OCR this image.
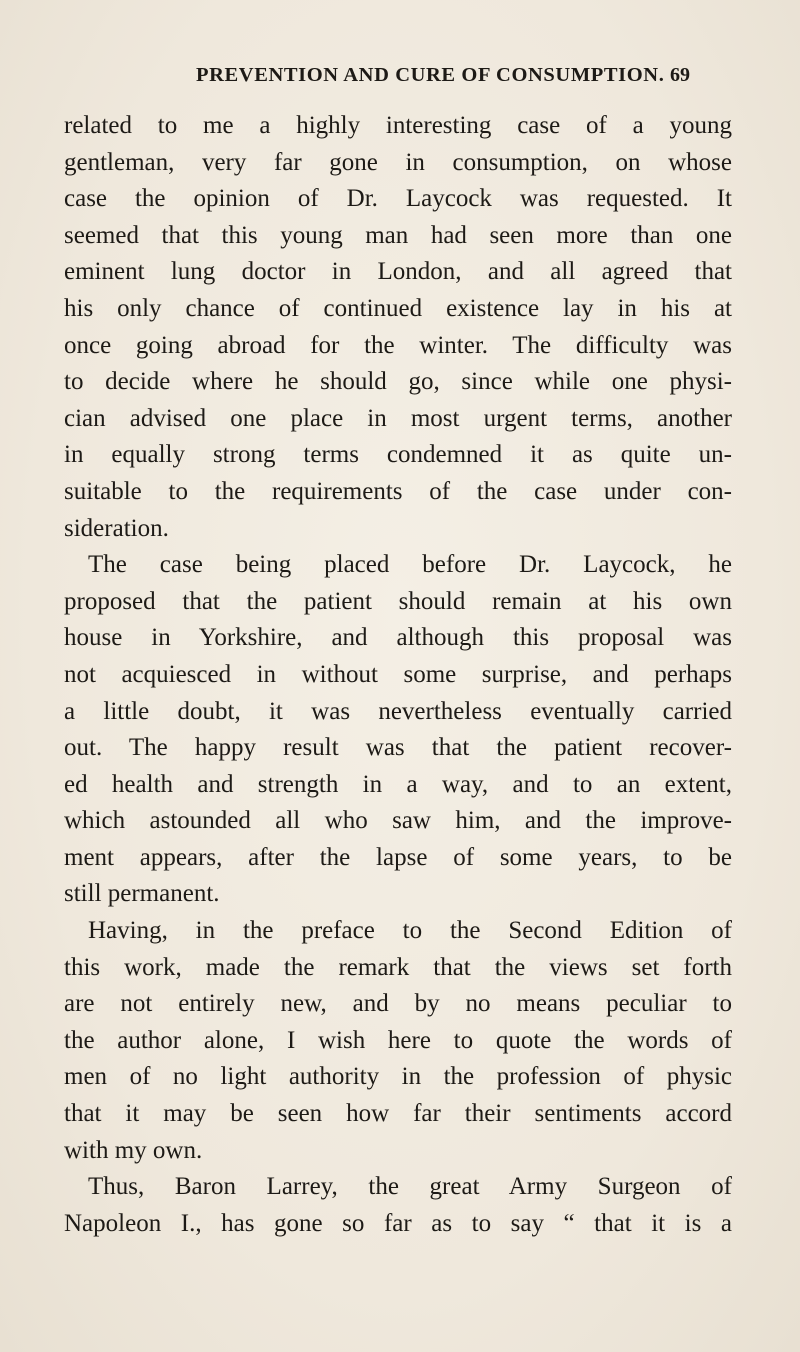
PREVENTION AND CURE OF CONSUMPTION. 69
related to me a highly interesting case of a young
gentleman, very far gone in consumption, on whose
case the opinion of Dr. Laycock was requested. It
seemed that this young man had seen more than one
eminent lung doctor in London, and all agreed that
his only chance of continued existence lay in his at
once going abroad for the winter. The difficulty was
to decide where he should go, since while one physi-
cian advised one place in most urgent terms, another
in equally strong terms condemned it as quite un-
suitable to the requirements of the case under con-
sideration.
The case being placed before Dr. Laycock, he
proposed that the patient should remain at his own
house in Yorkshire, and although this proposal was
not acquiesced in without some surprise, and perhaps
a little doubt, it was nevertheless eventually carried
out. The happy result was that the patient recover-
ed health and strength in a way, and to an extent,
which astounded all who saw him, and the improve-
ment appears, after the lapse of some years, to be
still permanent.
Having, in the preface to the Second Edition of
this work, made the remark that the views set forth
are not entirely new, and by no means peculiar to
the author alone, I wish here to quote the words of
men of no light authority in the profession of physic
that it may be seen how far their sentiments accord
with my own.
Thus, Baron Larrey, the great Army Surgeon of
Napoleon I., has gone so far as to say “ that it is a
